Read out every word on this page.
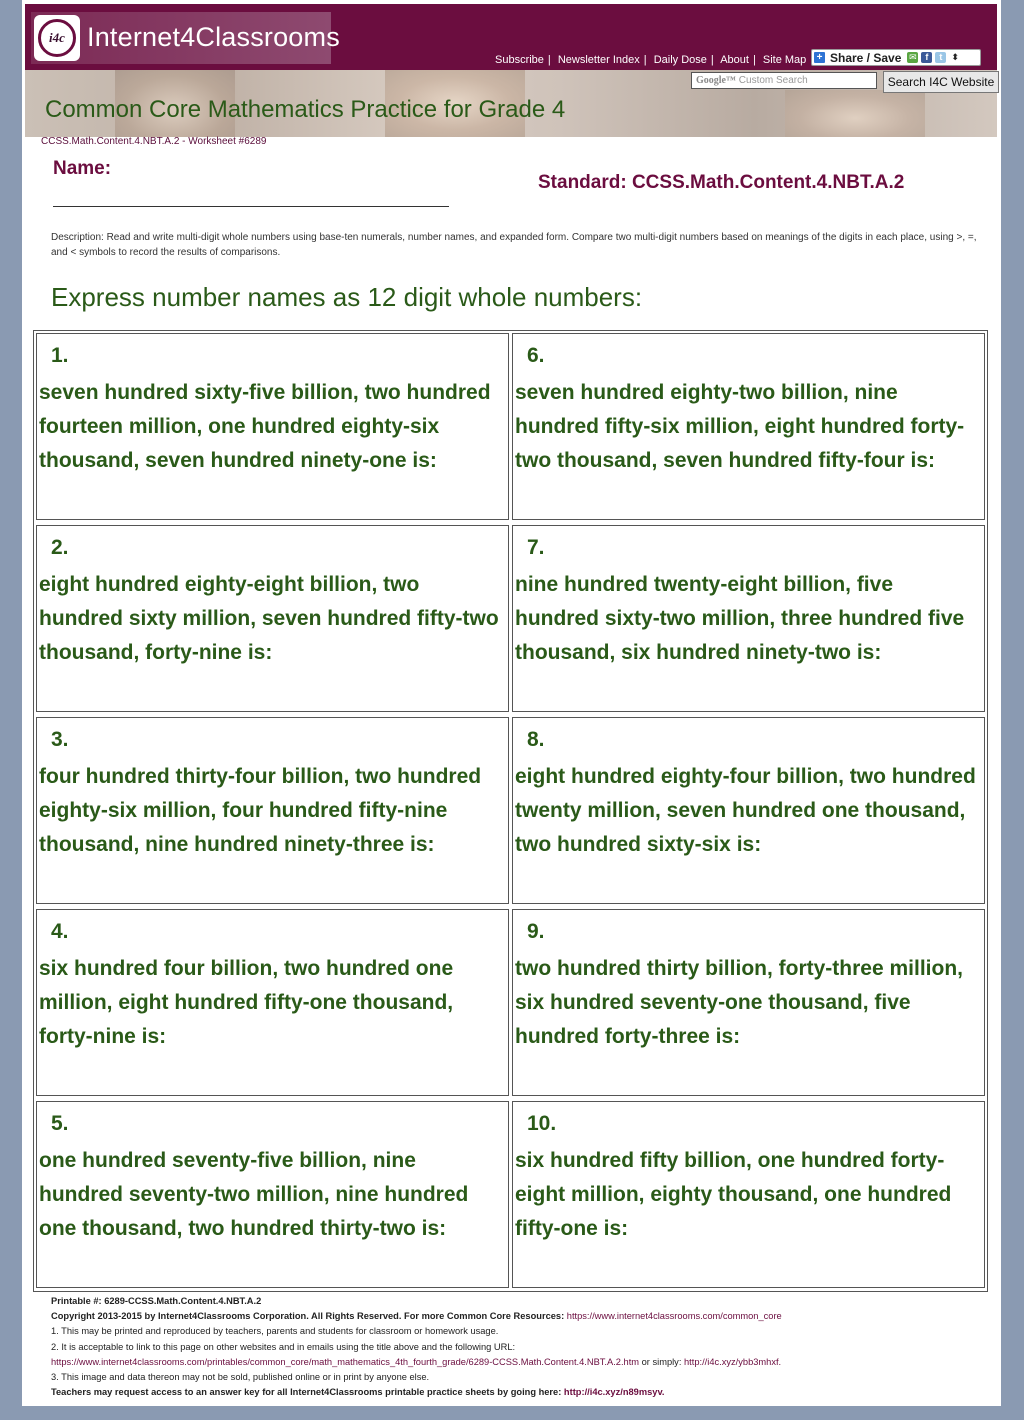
i4c Internet4Classrooms
Subscribe | Newsletter Index | Daily Dose | About | Site Map + Share / Save ✉ f	t	⬍
Common Core Mathematics Practice for Grade 4
Google™ Custom Search	Search I4C Website
CCSS.Math.Content.4.NBT.A.2 - Worksheet #6289
Name:
Standard: CCSS.Math.Content.4.NBT.A.2
Description: Read and write multi-digit whole numbers using base-ten numerals, number names, and expanded form. Compare two multi-digit numbers based on meanings of the digits in each place, using >, =, and < symbols to record the results of comparisons.
Express number names as 12 digit whole numbers:
1.
seven hundred sixty-five billion, two hundred fourteen million, one hundred eighty-six thousand, seven hundred ninety-one is:
2.
eight hundred eighty-eight billion, two hundred sixty million, seven hundred fifty-two thousand, forty-nine is:
3.
four hundred thirty-four billion, two hundred eighty-six million, four hundred fifty-nine thousand, nine hundred ninety-three is:
4.
six hundred four billion, two hundred one million, eight hundred fifty-one thousand, forty-nine is:
5.
one hundred seventy-five billion, nine hundred seventy-two million, nine hundred one thousand, two hundred thirty-two is:
6.
seven hundred eighty-two billion, nine hundred fifty-six million, eight hundred forty-two thousand, seven hundred fifty-four is:
7.
nine hundred twenty-eight billion, five hundred sixty-two million, three hundred five thousand, six hundred ninety-two is:
8.
eight hundred eighty-four billion, two hundred twenty million, seven hundred one thousand, two hundred sixty-six is:
9.
two hundred thirty billion, forty-three million, six hundred seventy-one thousand, five hundred forty-three is:
10.
six hundred fifty billion, one hundred forty-eight million, eighty thousand, one hundred fifty-one is:
Printable #: 6289-CCSS.Math.Content.4.NBT.A.2
Copyright 2013-2015 by Internet4Classrooms Corporation. All Rights Reserved. For more Common Core Resources: https://www.internet4classrooms.com/common_core
1. This may be printed and reproduced by teachers, parents and students for classroom or homework usage.
2. It is acceptable to link to this page on other websites and in emails using the title above and the following URL:
https://www.internet4classrooms.com/printables/common_core/math_mathematics_4th_fourth_grade/6289-CCSS.Math.Content.4.NBT.A.2.htm or simply: http://i4c.xyz/ybb3mhxf.
3. This image and data thereon may not be sold, published online or in print by anyone else.
Teachers may request access to an answer key for all Internet4Classrooms printable practice sheets by going here: http://i4c.xyz/n89msyv.
